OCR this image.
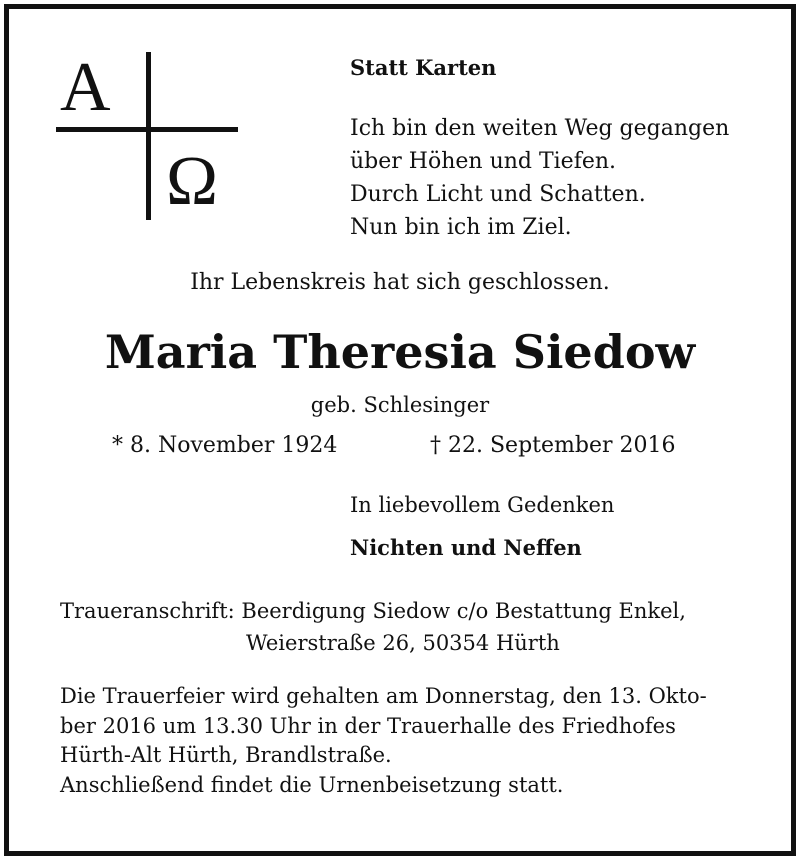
A
Ω
Statt Karten
Ich bin den weiten Weg gegangen
über Höhen und Tiefen.
Durch Licht und Schatten.
Nun bin ich im Ziel.
Ihr Lebenskreis hat sich geschlossen.
Maria Theresia Siedow
geb. Schlesinger
* 8. November 1924	† 22. September 2016
In liebevollem Gedenken
Nichten und Neffen
Traueranschrift: Beerdigung Siedow c/o Bestattung Enkel,
Weierstraße 26, 50354 Hürth
Die Trauerfeier wird gehalten am Donnerstag, den 13. Okto-
ber 2016 um 13.30 Uhr in der Trauerhalle des Friedhofes
Hürth-Alt Hürth, Brandlstraße.
Anschließend findet die Urnenbeisetzung statt.
